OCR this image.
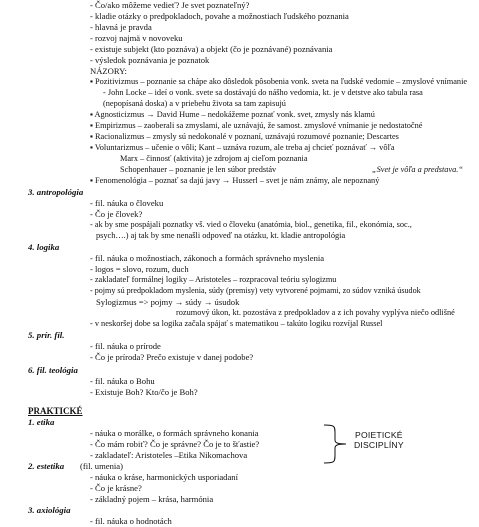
- Čo/ako môžeme vedieť? Je svet poznateľný?
- kladie otázky o predpokladoch, povahe a možnostiach ľudského poznania
- hlavná je pravda
- rozvoj najmä v novoveku
- existuje subjekt (kto poznáva) a objekt (čo je poznávané) poznávania
- výsledok poznávania je poznatok
NÁZORY:
▪ Pozitivizmus – poznanie sa chápe ako dôsledok pôsobenia vonk. sveta na ľudské vedomie – zmyslové vnímanie
- John Locke – ideí o vonk. svete sa dostávajú do nášho vedomia, kt. je v detstve ako tabula rasa
(nepopísaná doska) a v priebehu života sa tam zapisujú
▪ Agnosticizmus → David Hume – nedokážeme poznať vonk. svet, zmysly nás klamú
▪ Empirizmus – zaoberali sa zmyslami, ale uznávajú, že samost. zmyslové vnímanie je nedostatočné
▪ Racionalizmus – zmysly sú nedokonalé v poznaní, uznávajú rozumové poznanie; Descartes
▪ Voluntarizmus – učenie o vôli; Kant – uznáva rozum, ale treba aj chcieť poznávať → vôľa
Marx – činnosť (aktivita) je zdrojom aj cieľom poznania
Schopenhauer – poznanie je len súbor predstáv	„Svet je vôľa a predstava.“
▪ Fenomenológia – poznať sa dajú javy → Husserl – svet je nám známy, ale nepoznaný
3. antropológia
- fil. náuka o človeku
- Čo je človek?
- ak by sme pospájali poznatky vš. vied o človeku (anatómia, biol., genetika, fil., ekonómia, soc.,
psych….) aj tak by sme nenašli odpoveď na otázku, kt. kladie antropológia
4. logika
- fil. náuka o možnostiach, zákonoch a formách správneho myslenia
- logos = slovo, rozum, duch
- zakladateľ formálnej logiky – Aristoteles – rozpracoval teóriu sylogizmu
- pojmy sú predpokladom myslenia, súdy (premisy) vety vytvorené pojmami, zo súdov vzniká úsudok
Sylogizmus => pojmy → súdy → úsudok
rozumový úkon, kt. pozostáva z predpokladov a z ich povahy vyplýva niečo odlišné
- v neskoršej dobe sa logika začala spájať s matematikou – takúto logiku rozvíjal Russel
5. prír. fil.
- fil. náuka o prírode
- Čo je príroda? Prečo existuje v danej podobe?
6. fil. teológia
- fil. náuka o Bohu
- Existuje Boh? Kto/čo je Boh?
PRAKTICKÉ
1. etika
- náuka o morálke, o formách správneho konania
- Čo mám robiť? Čo je správne? Čo je to šťastie?
- zakladateľ: Aristoteles –Etika Nikomachova
2. estetika (fil. umenia)
- náuka o kráse, harmonických usporiadaní
- Čo je krásne?
- základný pojem – krása, harmónia
3. axiológia
- fil. náuka o hodnotách
POIETICKÉ
DISCIPLÍNY
